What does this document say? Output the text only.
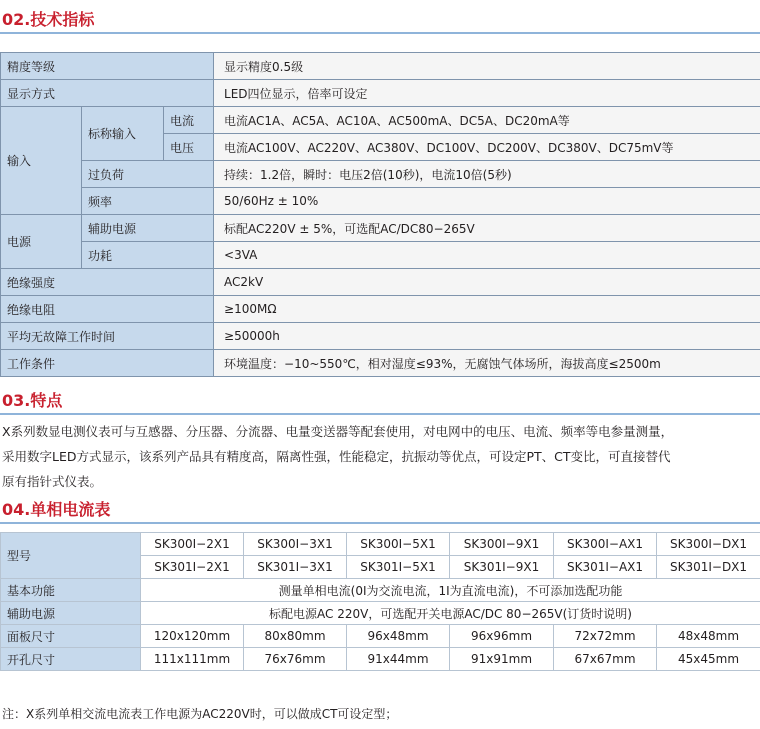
02.技术指标
精度等级			显示精度0.5级
显示方式			LED四位显示，倍率可设定
输入	标称输入	电流	电流AC1A、AC5A、AC10A、AC500mA、DC5A、DC20mA等
		电压	电流AC100V、AC220V、AC380V、DC100V、DC200V、DC380V、DC75mV等
	过负荷		持续：1.2倍，瞬时：电压2倍(10秒)，电流10倍(5秒)
	频率		50/60Hz ± 10%
电源	辅助电源		标配AC220V ± 5%，可选配AC/DC80−265V
	功耗		<3VA
绝缘强度			AC2kV
绝缘电阻			≥100MΩ
平均无故障工作时间			≥50000h
工作条件			环境温度：−10~550℃，相对湿度≤93%，无腐蚀气体场所，海拔高度≤2500m
03.特点
X系列数显电测仪表可与互感器、分压器、分流器、电量变送器等配套使用，对电网中的电压、电流、频率等电参量测量，
采用数字LED方式显示，该系列产品具有精度高，隔离性强，性能稳定，抗振动等优点，可设定PT、CT变比，可直接替代
原有指针式仪表。
04.单相电流表
型号	SK300I−2X1	SK300I−3X1	SK300I−5X1	SK300I−9X1	SK300I−AX1	SK300I−DX1
	SK301I−2X1	SK301I−3X1	SK301I−5X1	SK301I−9X1	SK301I−AX1	SK301I−DX1
基本功能	测量单相电流(0I为交流电流，1I为直流电流)，不可添加选配功能					
辅助电源	标配电源AC 220V，可选配开关电源AC/DC 80−265V(订货时说明)					
面板尺寸	120x120mm	80x80mm	96x48mm	96x96mm	72x72mm	48x48mm
开孔尺寸	111x111mm	76x76mm	91x44mm	91x91mm	67x67mm	45x45mm
注：X系列单相交流电流表工作电源为AC220V时，可以做成CT可设定型；
